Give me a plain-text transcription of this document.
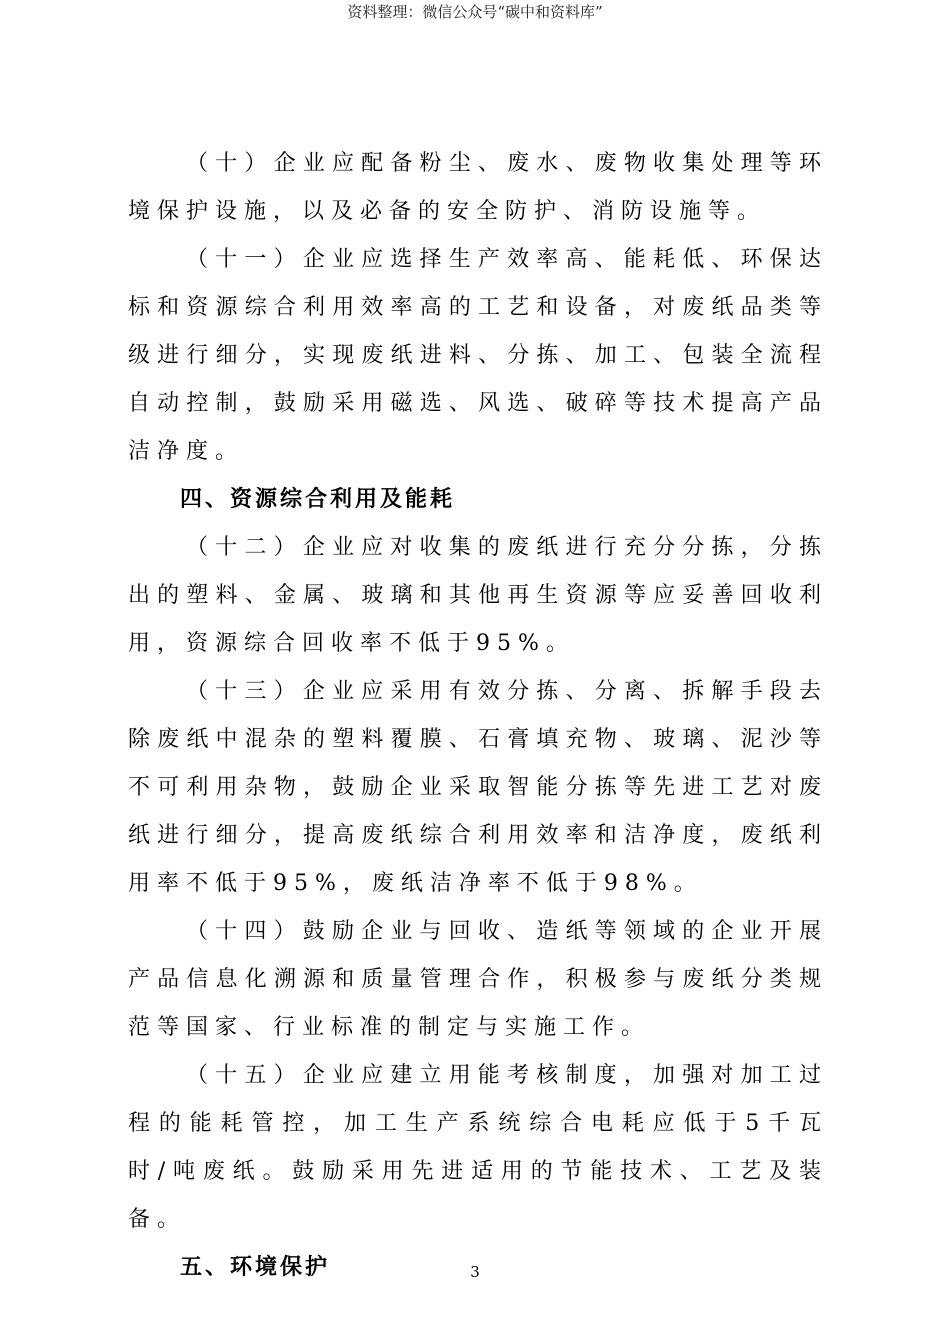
资料整理：微信公众号“碳中和资料库”

（十）企业应配备粉尘、废水、废物收集处理等环境保护设施，以及必备的安全防护、消防设施等。

（十一）企业应选择生产效率高、能耗低、环保达标和资源综合利用效率高的工艺和设备，对废纸品类等级进行细分，实现废纸进料、分拣、加工、包装全流程自动控制，鼓励采用磁选、风选、破碎等技术提高产品洁净度。

四、资源综合利用及能耗

（十二）企业应对收集的废纸进行充分分拣，分拣出的塑料、金属、玻璃和其他再生资源等应妥善回收利用，资源综合回收率不低于95%。

（十三）企业应采用有效分拣、分离、拆解手段去除废纸中混杂的塑料覆膜、石膏填充物、玻璃、泥沙等不可利用杂物，鼓励企业采取智能分拣等先进工艺对废纸进行细分，提高废纸综合利用效率和洁净度，废纸利用率不低于95%，废纸洁净率不低于98%。

（十四）鼓励企业与回收、造纸等领域的企业开展产品信息化溯源和质量管理合作，积极参与废纸分类规范等国家、行业标准的制定与实施工作。

（十五）企业应建立用能考核制度，加强对加工过程的能耗管控，加工生产系统综合电耗应低于5千瓦时/吨废纸。鼓励采用先进适用的节能技术、工艺及装备。

五、环境保护	3
